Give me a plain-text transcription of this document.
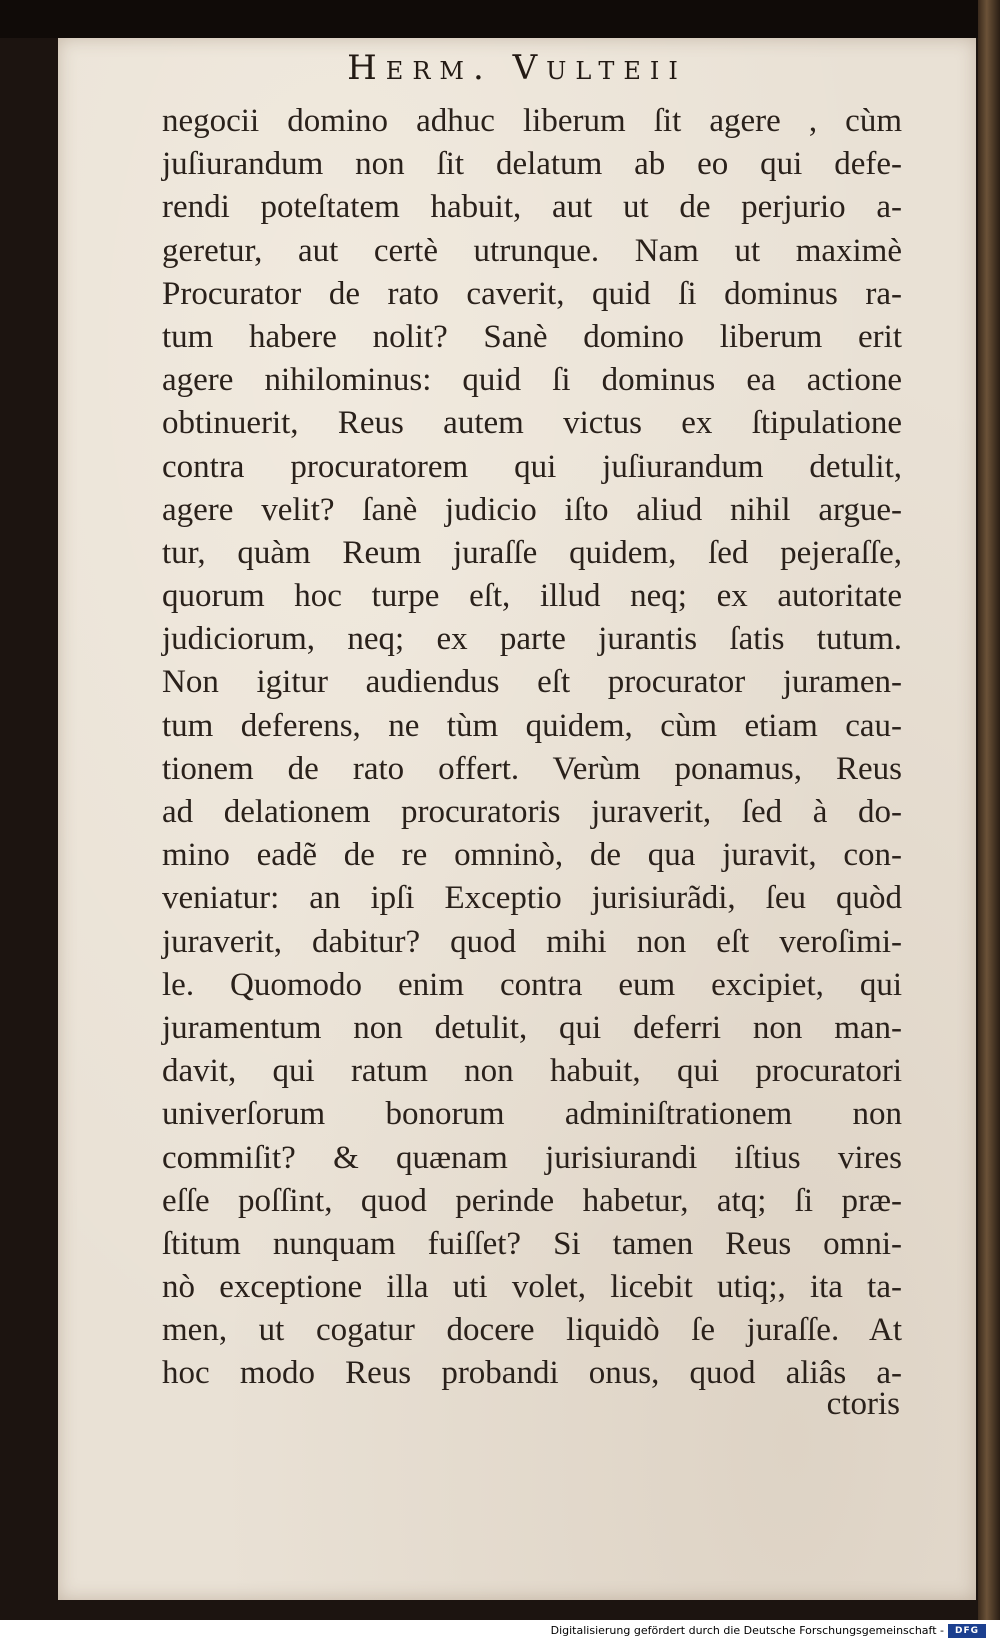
Herm. Vulteii
negocii domino adhuc liberum ſit agere , cùm
juſiurandum non ſit delatum ab eo qui defe-
rendi poteſtatem habuit, aut ut de perjurio a-
geretur, aut certè utrunque. Nam ut maximè
Procurator de rato caverit, quid ſi dominus ra-
tum habere nolit? Sanè domino liberum erit
agere nihilominus: quid ſi dominus ea actione
obtinuerit, Reus autem victus ex ſtipulatione
contra procuratorem qui juſiurandum detulit,
agere velit? ſanè judicio iſto aliud nihil argue-
tur, quàm Reum juraſſe quidem, ſed pejeraſſe,
quorum hoc turpe eſt, illud neq; ex autoritate
judiciorum, neq; ex parte jurantis ſatis tutum.
Non igitur audiendus eſt procurator juramen-
tum deferens, ne tùm quidem, cùm etiam cau-
tionem de rato offert. Verùm ponamus, Reus
ad delationem procuratoris juraverit, ſed à do-
mino eadẽ de re omninò, de qua juravit, con-
veniatur: an ipſi Exceptio jurisiurãdi, ſeu quòd
juraverit, dabitur? quod mihi non eſt veroſimi-
le. Quomodo enim contra eum excipiet, qui
juramentum non detulit, qui deferri non man-
davit, qui ratum non habuit, qui procuratori
univerſorum bonorum adminiſtrationem non
commiſit? & quænam jurisiurandi iſtius vires
eſſe poſſint, quod perinde habetur, atq; ſi præ-
ſtitum nunquam fuiſſet? Si tamen Reus omni-
nò exceptione illa uti volet, licebit utiq;, ita ta-
men, ut cogatur docere liquidò ſe juraſſe. At
hoc modo Reus probandi onus, quod aliâs a-
ctoris
Digitalisierung gefördert durch die Deutsche Forschungsgemeinschaft -	DFG
